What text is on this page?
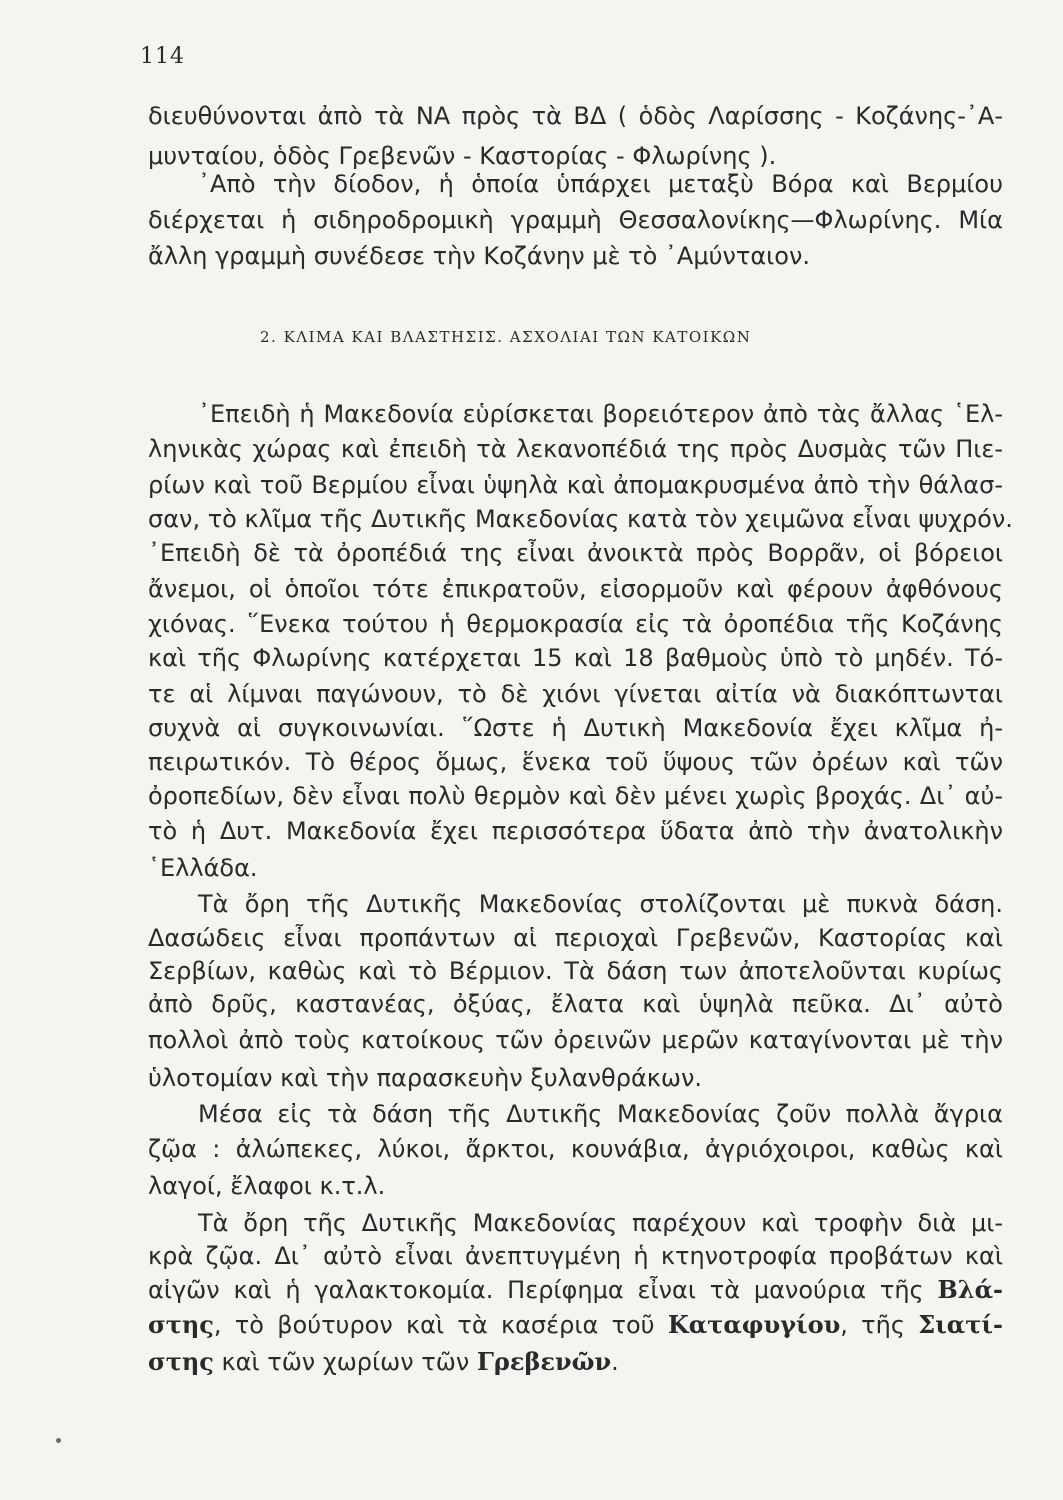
114
διευθύνονται ἀπὸ τὰ ΝΑ πρὸς τὰ ΒΔ ( ὁδὸς Λαρίσσης - Κοζάνης-᾿Α-
μυνταίου, ὁδὸς Γρεβενῶν - Καστορίας - Φλωρίνης ).
᾿Απὸ τὴν δίοδον, ἡ ὁποία ὑπάρχει μεταξὺ Βόρα καὶ Βερμίου
διέρχεται ἡ σιδηροδρομικὴ γραμμὴ Θεσσαλονίκης—Φλωρίνης. Μία
ἄλλη γραμμὴ συνέδεσε τὴν Κοζάνην μὲ τὸ ᾿Αμύνταιον.
2. ΚΛΙΜΑ ΚΑΙ ΒΛΑΣΤΗΣΙΣ. ΑΣΧΟΛΙΑΙ ΤΩΝ ΚΑΤΟΙΚΩΝ
᾿Επειδὴ ἡ Μακεδονία εὑρίσκεται βορειότερον ἀπὸ τὰς ἄλλας ῾Ελ-
ληνικὰς χώρας καὶ ἐπειδὴ τὰ λεκανοπέδιά της πρὸς Δυσμὰς τῶν Πιε-
ρίων καὶ τοῦ Βερμίου εἶναι ὑψηλὰ καὶ ἀπομακρυσμένα ἀπὸ τὴν θάλασ-
σαν, τὸ κλῖμα τῆς Δυτικῆς Μακεδονίας κατὰ τὸν χειμῶνα εἶναι ψυχρόν.
᾿Επειδὴ δὲ τὰ ὀροπέδιά της εἶναι ἀνοικτὰ πρὸς Βορρᾶν, οἱ βόρειοι
ἄνεμοι, οἱ ὁποῖοι τότε ἐπικρατοῦν, εἰσορμοῦν καὶ φέρουν ἀφθόνους
χιόνας. ῞Ενεκα τούτου ἡ θερμοκρασία εἰς τὰ ὀροπέδια τῆς Κοζάνης
καὶ τῆς Φλωρίνης κατέρχεται 15 καὶ 18 βαθμοὺς ὑπὸ τὸ μηδέν. Τό-
τε αἱ λίμναι παγώνουν, τὸ δὲ χιόνι γίνεται αἰτία νὰ διακόπτωνται
συχνὰ αἱ συγκοινωνίαι. ῞Ωστε ἡ Δυτικὴ Μακεδονία ἔχει κλῖμα ἠ-
πειρωτικόν. Τὸ θέρος ὅμως, ἕνεκα τοῦ ὕψους τῶν ὀρέων καὶ τῶν
ὀροπεδίων, δὲν εἶναι πολὺ θερμὸν καὶ δὲν μένει χωρὶς βροχάς. Δι᾿ αὐ-
τὸ ἡ Δυτ. Μακεδονία ἔχει περισσότερα ὕδατα ἀπὸ τὴν ἀνατολικὴν
῾Ελλάδα.
Τὰ ὄρη τῆς Δυτικῆς Μακεδονίας στολίζονται μὲ πυκνὰ δάση.
Δασώδεις εἶναι προπάντων αἱ περιοχαὶ Γρεβενῶν, Καστορίας καὶ
Σερβίων, καθὼς καὶ τὸ Βέρμιον. Τὰ δάση των ἀποτελοῦνται κυρίως
ἀπὸ δρῦς, καστανέας, ὀξύας, ἔλατα καὶ ὑψηλὰ πεῦκα. Δι᾿ αὐτὸ
πολλοὶ ἀπὸ τοὺς κατοίκους τῶν ὀρεινῶν μερῶν καταγίνονται μὲ τὴν
ὑλοτομίαν καὶ τὴν παρασκευὴν ξυλανθράκων.
Μέσα εἰς τὰ δάση τῆς Δυτικῆς Μακεδονίας ζοῦν πολλὰ ἄγρια
ζῷα : ἀλώπεκες, λύκοι, ἄρκτοι, κουνάβια, ἀγριόχοιροι, καθὼς καὶ
λαγοί, ἔλαφοι κ.τ.λ.
Τὰ ὄρη τῆς Δυτικῆς Μακεδονίας παρέχουν καὶ τροφὴν διὰ μι-
κρὰ ζῷα. Δι᾿ αὐτὸ εἶναι ἀνεπτυγμένη ἡ κτηνοτροφία προβάτων καὶ
αἰγῶν καὶ ἡ γαλακτοκομία. Περίφημα εἶναι τὰ μανούρια τῆς Βλά-
στης, τὸ βούτυρον καὶ τὰ κασέρια τοῦ Καταφυγίου, τῆς Σιατί-
στης καὶ τῶν χωρίων τῶν Γρεβενῶν.
